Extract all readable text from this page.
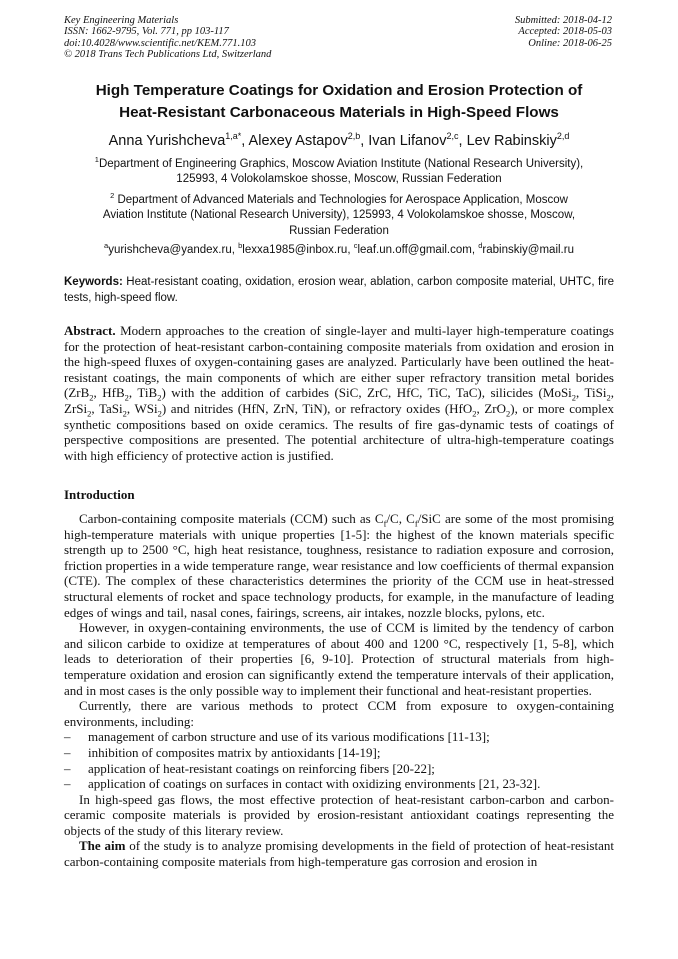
Key Engineering Materials
ISSN: 1662-9795, Vol. 771, pp 103-117
doi:10.4028/www.scientific.net/KEM.771.103
© 2018 Trans Tech Publications Ltd, Switzerland
Submitted: 2018-04-12
Accepted: 2018-05-03
Online: 2018-06-25
High Temperature Coatings for Oxidation and Erosion Protection of
Heat-Resistant Carbonaceous Materials in High-Speed Flows
Anna Yurishcheva$^{1,a*}$, Alexey Astapov$^{2,b}$, Ivan Lifanov$^{2,c}$, Lev Rabinskiy$^{2,d}$
$^1$Department of Engineering Graphics, Moscow Aviation Institute (National Research University),
125993, 4 Volokolamskoe shosse, Moscow, Russian Federation
$^2$ Department of Advanced Materials and Technologies for Aerospace Application, Moscow
Aviation Institute (National Research University), 125993, 4 Volokolamskoe shosse, Moscow,
Russian Federation
$^a$yurishcheva@yandex.ru, $^b$lexxa1985@inbox.ru, $^c$leaf.un.off@gmail.com, $^d$rabinskiy@mail.ru
Keywords: Heat-resistant coating, oxidation, erosion wear, ablation, carbon composite material, UHTC, fire tests, high-speed flow.
Abstract. Modern approaches to the creation of single-layer and multi-layer high-temperature coatings for the protection of heat-resistant carbon-containing composite materials from oxidation and erosion in the high-speed fluxes of oxygen-containing gases are analyzed. Particularly have been outlined the heat-resistant coatings, the main components of which are either super refractory transition metal borides (ZrB$_2$, HfB$_2$, TiB$_2$) with the addition of carbides (SiC, ZrC, HfC, TiC, TaC), silicides (MoSi$_2$, TiSi$_2$, ZrSi$_2$, TaSi$_2$, WSi$_2$) and nitrides (HfN, ZrN, TiN), or refractory oxides (HfO$_2$, ZrO$_2$), or more complex synthetic compositions based on oxide ceramics. The results of fire gas-dynamic tests of coatings of perspective compositions are presented. The potential architecture of ultra-high-temperature coatings with high efficiency of protective action is justified.
Introduction

Carbon-containing composite materials (CCM) such as $C_f/C$, $C_f$/SiC are some of the most promising high-temperature materials with unique properties [1-5]: the highest of the known materials specific strength up to 2500 °C, high heat resistance, toughness, resistance to radiation exposure and corrosion, friction properties in a wide temperature range, wear resistance and low coefficients of thermal expansion (CTE). The complex of these characteristics determines the priority of the CCM use in heat-stressed structural elements of rocket and space technology products, for example, in the manufacture of leading edges of wings and tail, nasal cones, fairings, screens, air intakes, nozzle blocks, pylons, etc.

However, in oxygen-containing environments, the use of CCM is limited by the tendency of carbon and silicon carbide to oxidize at temperatures of about 400 and 1200 °C, respectively [1, 5-8], which leads to deterioration of their properties [6, 9-10]. Protection of structural materials from high-temperature oxidation and erosion can significantly extend the temperature intervals of their application, and in most cases is the only possible way to implement their functional and heat-resistant properties.

Currently, there are various methods to protect CCM from exposure to oxygen-containing environments, including:

–	management of carbon structure and use of its various modifications [11-13];
–	inhibition of composites matrix by antioxidants [14-19];
–	application of heat-resistant coatings on reinforcing fibers [20-22];
–	application of coatings on surfaces in contact with oxidizing environments [21, 23-32].

In high-speed gas flows, the most effective protection of heat-resistant carbon-carbon and carbon-ceramic composite materials is provided by erosion-resistant antioxidant coatings representing the objects of the study of this literary review.

The aim of the study is to analyze promising developments in the field of protection of heat-resistant carbon-containing composite materials from high-temperature gas corrosion and erosion in
